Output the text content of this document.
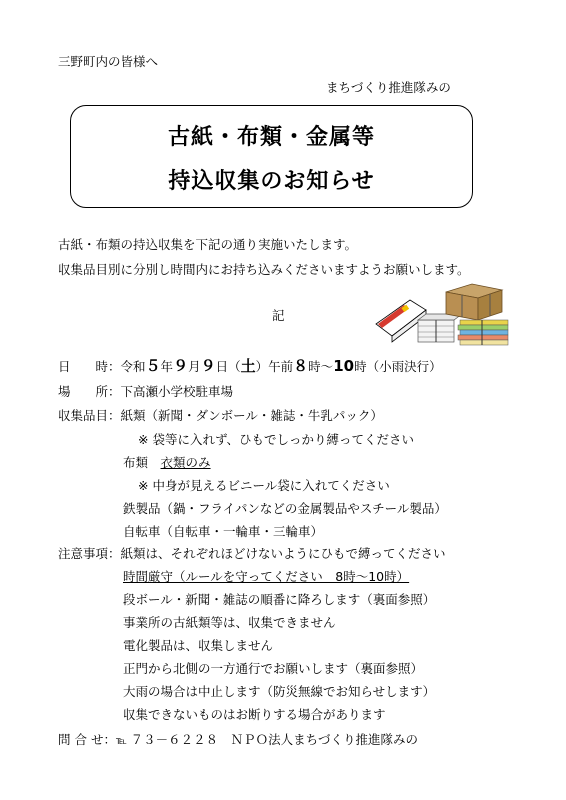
三野町内の皆様へ
まちづくり推進隊みの
古紙・布類・金属等
持込収集のお知らせ
古紙・布類の持込収集を下記の通り実施いたします。
収集品目別に分別し時間内にお持ち込みくださいますようお願いします。
記
日　　時：令和５年９月９日（土）午前８時～10時（小雨決行）
場　　所：下高瀬小学校駐車場
収集品目：紙類（新聞・ダンボール・雑誌・牛乳パック）
※ 袋等に入れず、ひもでしっかり縛ってください
布類　 衣類のみ
※ 中身が見えるビニール袋に入れてください
鉄製品（鍋・フライパンなどの金属製品やスチール製品）
自転車（自転車・一輪車・三輪車）
注意事項：紙類は、それぞれほどけないようにひもで縛ってください
時間厳守（ルールを守ってください　8時～10時）
段ボール・新聞・雑誌の順番に降ろします（裏面参照）
事業所の古紙類等は、収集できません
電化製品は、収集しません
正門から北側の一方通行でお願いします（裏面参照）
大雨の場合は中止します（防災無線でお知らせします）
収集できないものはお断りする場合があります
問 合 せ：℡ ７３－６２２８　ＮＰＯ法人まちづくり推進隊みの
